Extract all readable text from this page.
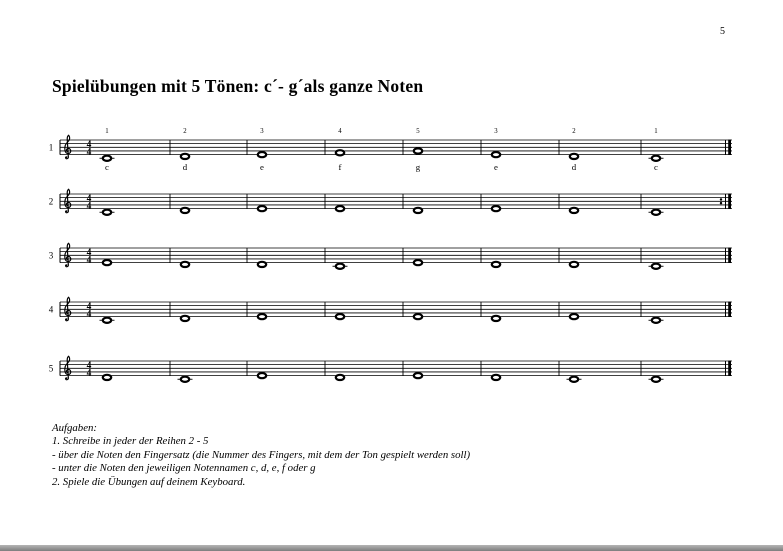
5
Spielübungen mit 5 Tönen: c´- g´als ganze Noten
1	4
4
1
c
2
d
3
e
4
f
5
g
3
e
2
d
1
c
2	4
4
3	4
4
4	4
4
5	4
4
Aufgaben:
1. Schreibe in jeder der Reihen 2 - 5
- über die Noten den Fingersatz (die Nummer des Fingers, mit dem der Ton gespielt werden soll)
- unter die Noten den jeweiligen Notennamen c, d, e, f oder g
2. Spiele die Übungen auf deinem Keyboard.
